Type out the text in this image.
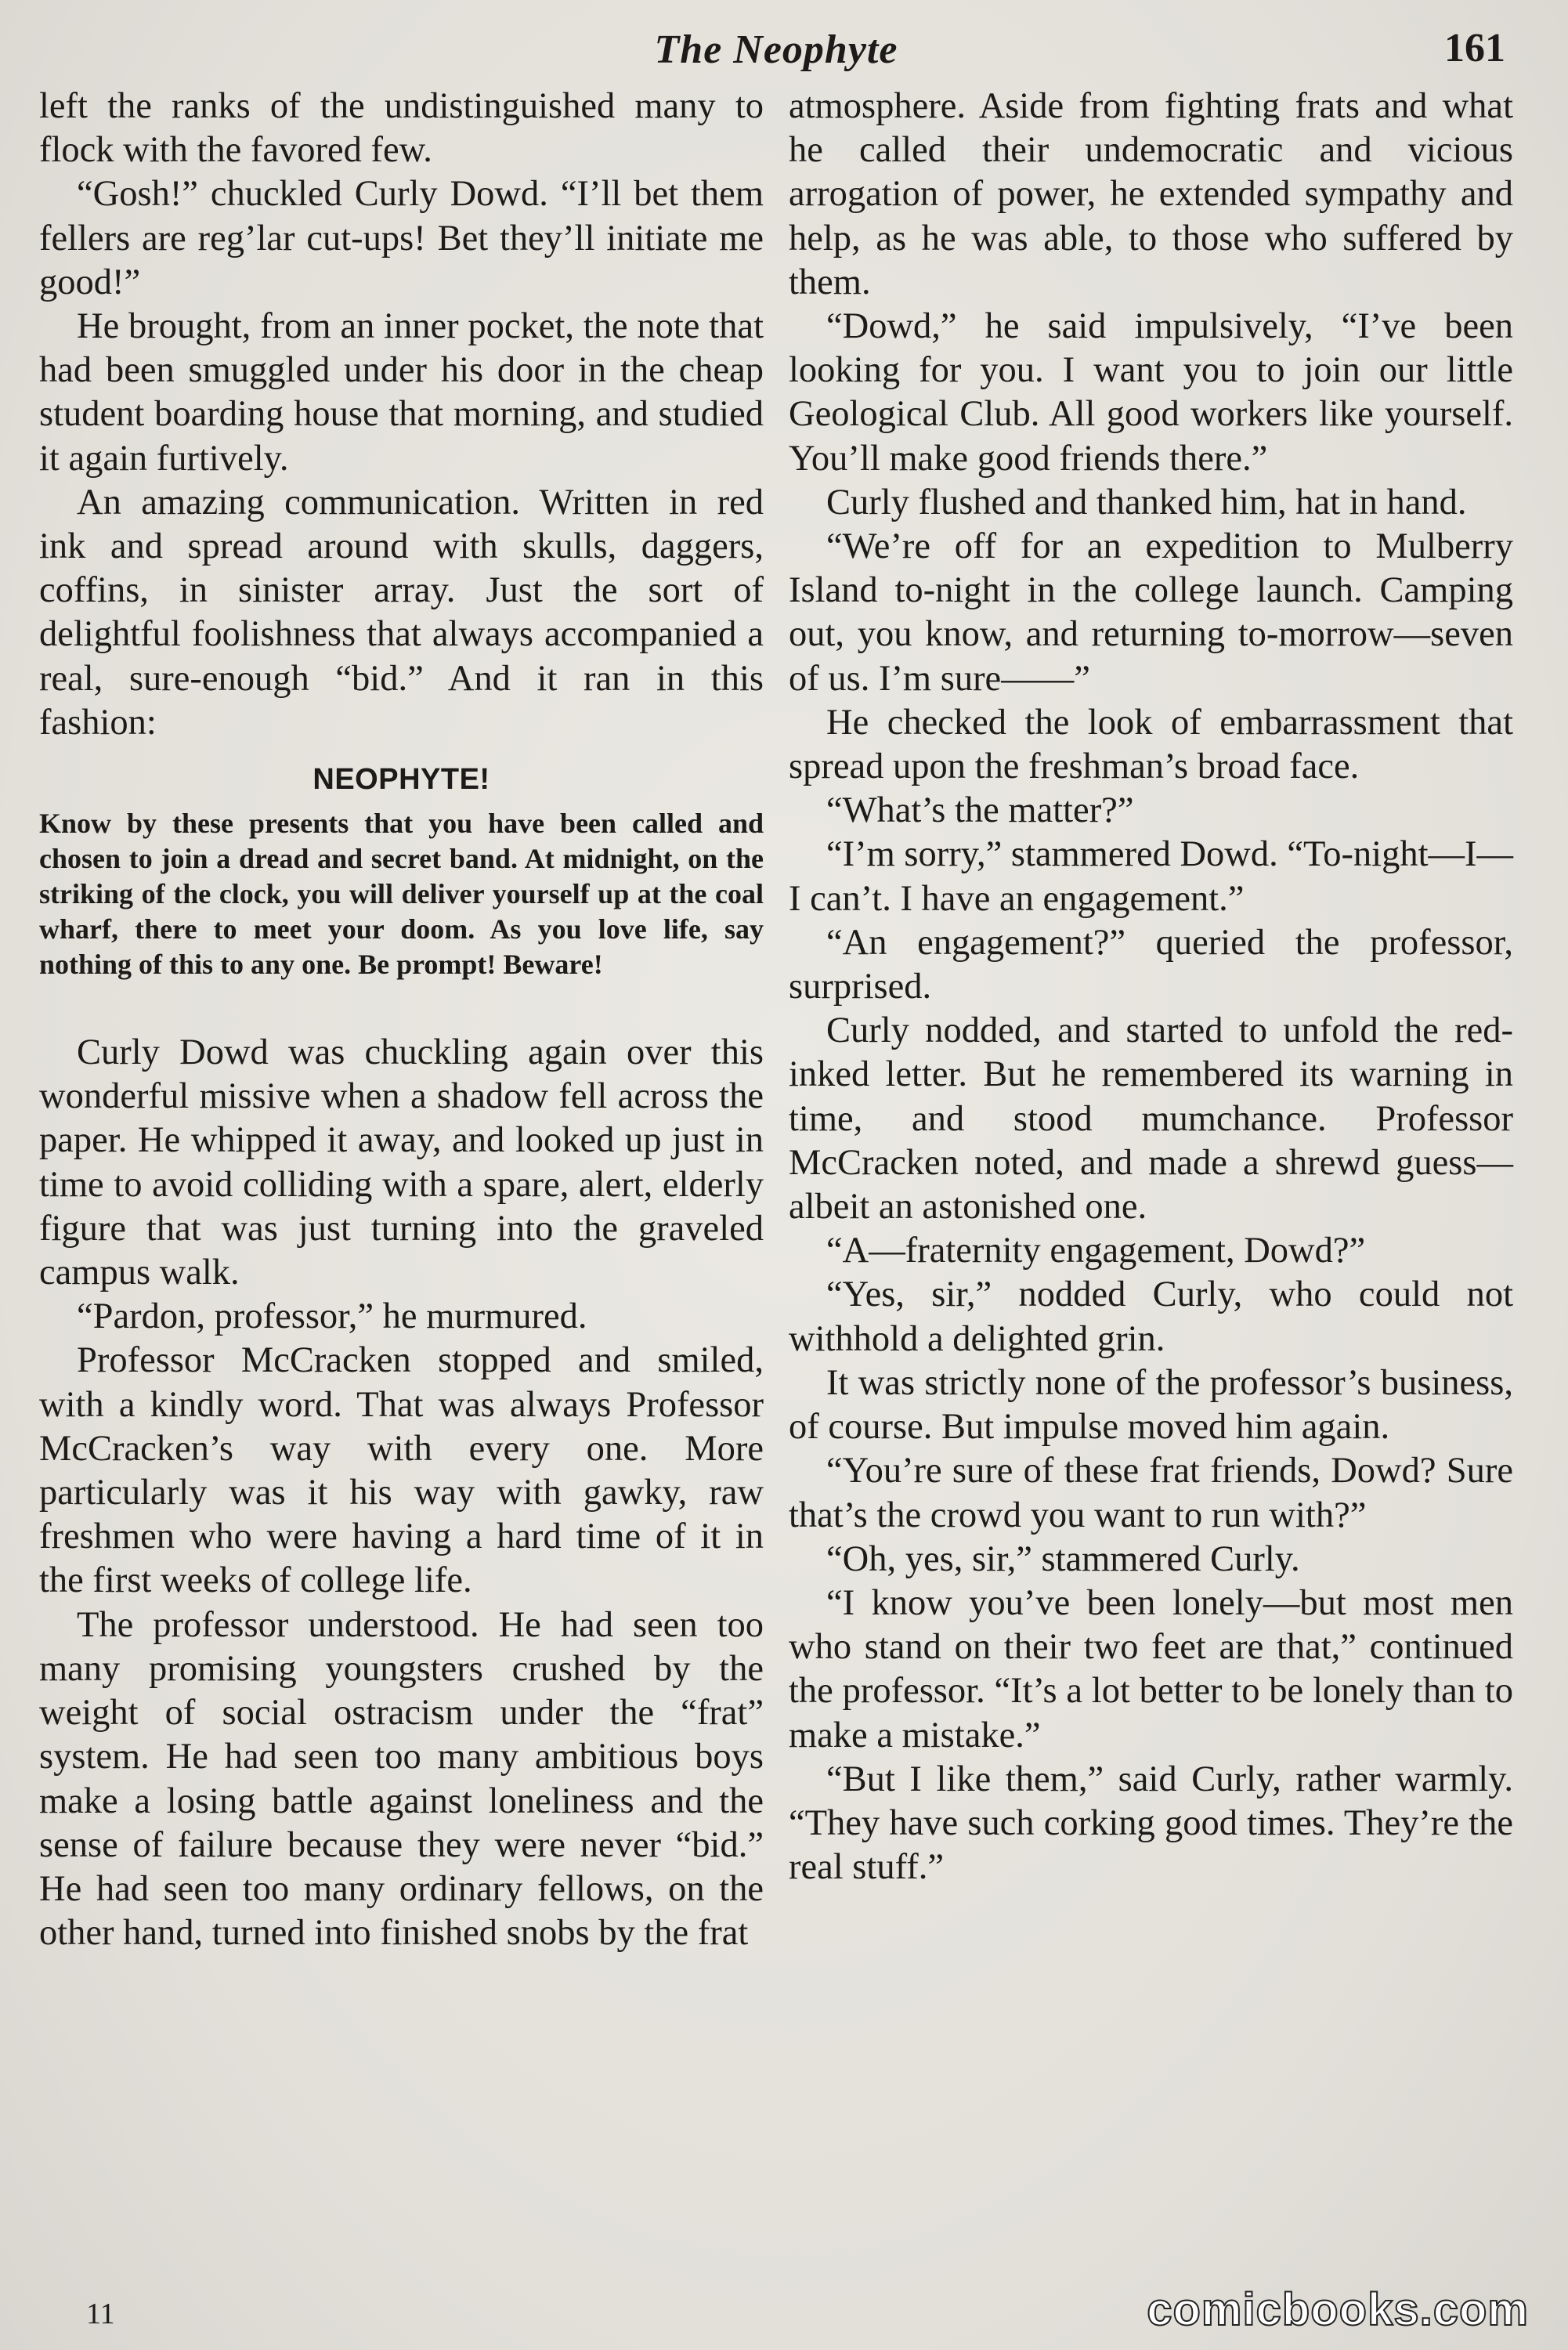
The Neophyte	161

left the ranks of the undistinguished many to flock with the favored few.

“Gosh!” chuckled Curly Dowd. “I’ll bet them fellers are reg’lar cut-ups! Bet they’ll initiate me good!”

He brought, from an inner pocket, the note that had been smuggled under his door in the cheap student boarding house that morning, and studied it again furtively.

An amazing communication. Written in red ink and spread around with skulls, daggers, coffins, in sinister array. Just the sort of delightful foolishness that always accompanied a real, sure-enough “bid.” And it ran in this fashion:

NEOPHYTE!
Know by these presents that you have been called and chosen to join a dread and secret band. At midnight, on the striking of the clock, you will deliver yourself up at the coal wharf, there to meet your doom. As you love life, say nothing of this to any one. Be prompt! Beware!

Curly Dowd was chuckling again over this wonderful missive when a shadow fell across the paper. He whipped it away, and looked up just in time to avoid colliding with a spare, alert, elderly figure that was just turning into the graveled campus walk.

“Pardon, professor,” he murmured.

Professor McCracken stopped and smiled, with a kindly word. That was always Professor McCracken’s way with every one. More particularly was it his way with gawky, raw freshmen who were having a hard time of it in the first weeks of college life.

The professor understood. He had seen too many promising youngsters crushed by the weight of social ostracism under the “frat” system. He had seen too many ambitious boys make a losing battle against loneliness and the sense of failure because they were never “bid.” He had seen too many ordinary fellows, on the other hand, turned into finished snobs by the frat

atmosphere. Aside from fighting frats and what he called their undemocratic and vicious arrogation of power, he extended sympathy and help, as he was able, to those who suffered by them.

“Dowd,” he said impulsively, “I’ve been looking for you. I want you to join our little Geological Club. All good workers like yourself. You’ll make good friends there.”

Curly flushed and thanked him, hat in hand.

“We’re off for an expedition to Mulberry Island to-night in the college launch. Camping out, you know, and returning to-morrow—seven of us. I’m sure——”

He checked the look of embarrassment that spread upon the freshman’s broad face.

“What’s the matter?”

“I’m sorry,” stammered Dowd. “To-night—I—I can’t. I have an engagement.”

“An engagement?” queried the professor, surprised.

Curly nodded, and started to unfold the red-inked letter. But he remembered its warning in time, and stood mumchance. Professor McCracken noted, and made a shrewd guess—albeit an astonished one.

“A—fraternity engagement, Dowd?”

“Yes, sir,” nodded Curly, who could not withhold a delighted grin.

It was strictly none of the professor’s business, of course. But impulse moved him again.

“You’re sure of these frat friends, Dowd? Sure that’s the crowd you want to run with?”

“Oh, yes, sir,” stammered Curly.

“I know you’ve been lonely—but most men who stand on their two feet are that,” continued the professor. “It’s a lot better to be lonely than to make a mistake.”

“But I like them,” said Curly, rather warmly. “They have such corking good times. They’re the real stuff.”

11	comicbooks.com
